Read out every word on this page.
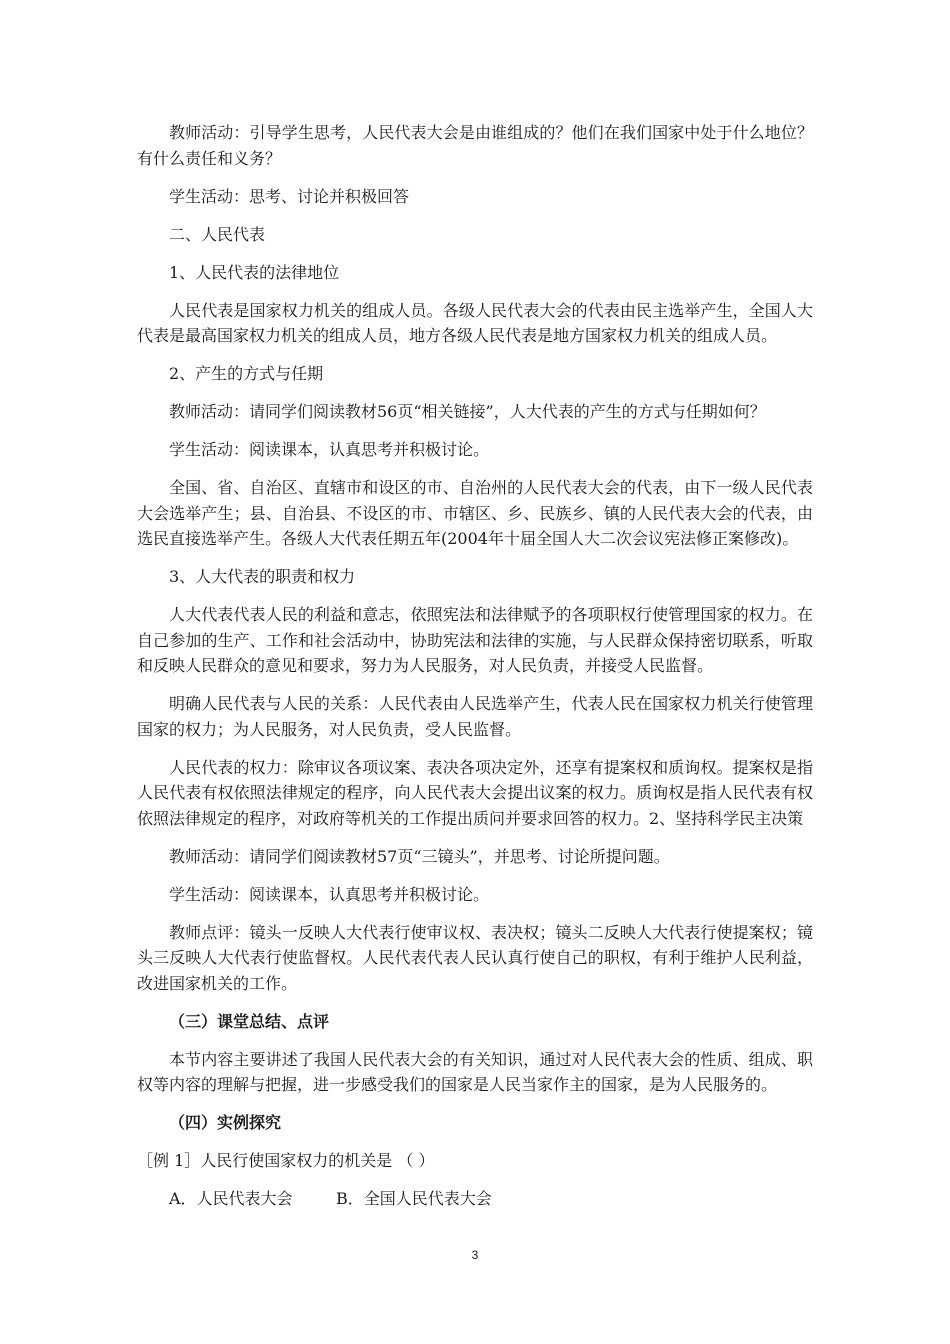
教师活动：引导学生思考，人民代表大会是由谁组成的？他们在我们国家中处于什么地位？有什么责任和义务？

学生活动：思考、讨论并积极回答

二、人民代表

1、人民代表的法律地位

人民代表是国家权力机关的组成人员。各级人民代表大会的代表由民主选举产生，全国人大代表是最高国家权力机关的组成人员，地方各级人民代表是地方国家权力机关的组成人员。

2、产生的方式与任期

教师活动：请同学们阅读教材56页“相关链接”，人大代表的产生的方式与任期如何？

学生活动：阅读课本，认真思考并积极讨论。

全国、省、自治区、直辖市和设区的市、自治州的人民代表大会的代表，由下一级人民代表大会选举产生；县、自治县、不设区的市、市辖区、乡、民族乡、镇的人民代表大会的代表，由选民直接选举产生。各级人大代表任期五年(2004年十届全国人大二次会议宪法修正案修改)。

3、人大代表的职责和权力

人大代表代表人民的利益和意志，依照宪法和法律赋予的各项职权行使管理国家的权力。在自己参加的生产、工作和社会活动中，协助宪法和法律的实施，与人民群众保持密切联系，听取和反映人民群众的意见和要求，努力为人民服务，对人民负责，并接受人民监督。

明确人民代表与人民的关系：人民代表由人民选举产生，代表人民在国家权力机关行使管理国家的权力；为人民服务，对人民负责，受人民监督。

人民代表的权力：除审议各项议案、表决各项决定外，还享有提案权和质询权。提案权是指人民代表有权依照法律规定的程序，向人民代表大会提出议案的权力。质询权是指人民代表有权依照法律规定的程序，对政府等机关的工作提出质问并要求回答的权力。2、坚持科学民主决策

教师活动：请同学们阅读教材57页“三镜头”，并思考、讨论所提问题。

学生活动：阅读课本，认真思考并积极讨论。

教师点评：镜头一反映人大代表行使审议权、表决权；镜头二反映人大代表行使提案权；镜头三反映人大代表行使监督权。人民代表代表人民认真行使自己的职权，有利于维护人民利益，改进国家机关的工作。

（三）课堂总结、点评

本节内容主要讲述了我国人民代表大会的有关知识，通过对人民代表大会的性质、组成、职权等内容的理解与把握，进一步感受我们的国家是人民当家作主的国家，是为人民服务的。

（四）实例探究

［例 1］人民行使国家权力的机关是 （ ）

A．人民代表大会	B．全国人民代表大会
3
